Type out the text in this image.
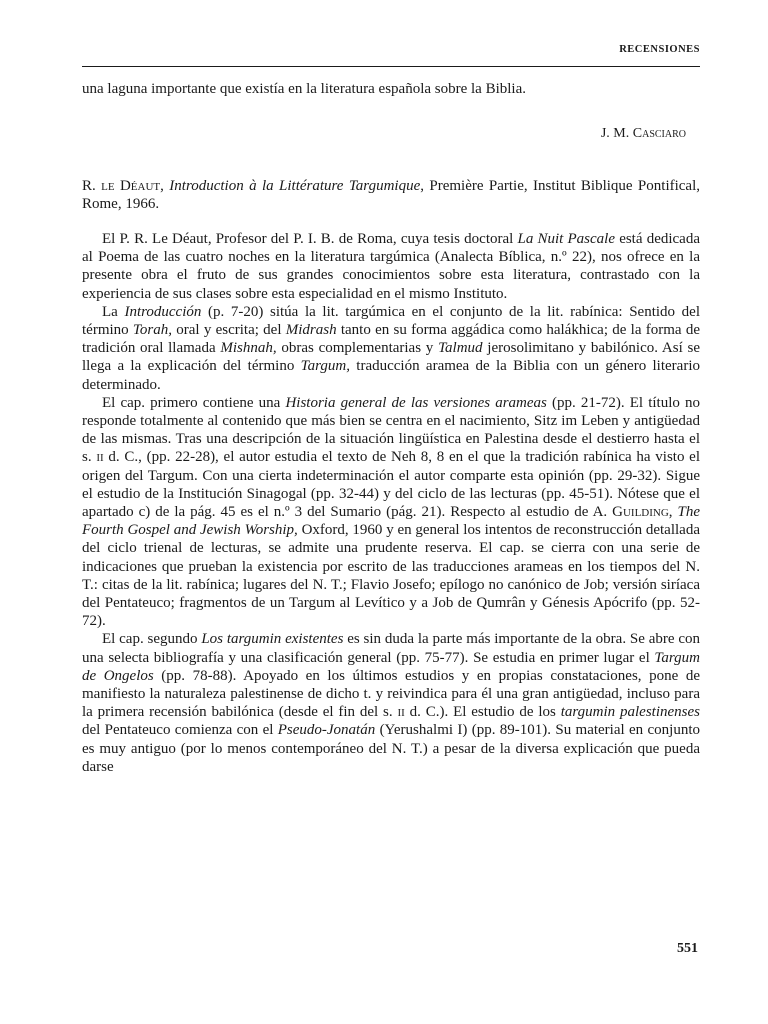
RECENSIONES

una laguna importante que existía en la literatura española sobre la Biblia.

J. M. Casciaro

R. le Déaut, Introduction à la Littérature Targumique, Première Partie, Institut Biblique Pontifical, Rome, 1966.

El P. R. Le Déaut, Profesor del P. I. B. de Roma, cuya tesis doctoral La Nuit Pascale está dedicada al Poema de las cuatro noches en la literatura targúmica (Analecta Bíblica, n.º 22), nos ofrece en la presente obra el fruto de sus grandes conocimientos sobre esta literatura, contrastado con la experiencia de sus clases sobre esta especialidad en el mismo Instituto.

La Introducción (p. 7-20) sitúa la lit. targúmica en el conjunto de la lit. rabínica: Sentido del término Torah, oral y escrita; del Midrash tanto en su forma aggádica como halákhica; de la forma de tradición oral llamada Mishnah, obras complementarias y Talmud jerosolimitano y babilónico. Así se llega a la explicación del término Targum, traducción aramea de la Biblia con un género literario determinado.

El cap. primero contiene una Historia general de las versiones arameas (pp. 21-72). El título no responde totalmente al contenido que más bien se centra en el nacimiento, Sitz im Leben y antigüedad de las mismas. Tras una descripción de la situación lingüística en Palestina desde el destierro hasta el s. ii d. C., (pp. 22-28), el autor estudia el texto de Neh 8, 8 en el que la tradición rabínica ha visto el origen del Targum. Con una cierta indeterminación el autor comparte esta opinión (pp. 29-32). Sigue el estudio de la Institución Sinagogal (pp. 32-44) y del ciclo de las lecturas (pp. 45-51). Nótese que el apartado c) de la pág. 45 es el n.º 3 del Sumario (pág. 21). Respecto al estudio de A. Guilding, The Fourth Gospel and Jewish Worship, Oxford, 1960 y en general los intentos de reconstrucción detallada del ciclo trienal de lecturas, se admite una prudente reserva. El cap. se cierra con una serie de indicaciones que prueban la existencia por escrito de las traducciones arameas en los tiempos del N. T.: citas de la lit. rabínica; lugares del N. T.; Flavio Josefo; epílogo no canónico de Job; versión siríaca del Pentateuco; fragmentos de un Targum al Levítico y a Job de Qumrân y Génesis Apócrifo (pp. 52-72).

El cap. segundo Los targumin existentes es sin duda la parte más importante de la obra. Se abre con una selecta bibliografía y una clasificación general (pp. 75-77). Se estudia en primer lugar el Targum de Ongelos (pp. 78-88). Apoyado en los últimos estudios y en propias constataciones, pone de manifiesto la naturaleza palestinense de dicho t. y reivindica para él una gran antigüedad, incluso para la primera recensión babilónica (desde el fin del s. ii d. C.). El estudio de los targumin palestinenses del Pentateuco comienza con el Pseudo-Jonatán (Yerushalmi I) (pp. 89-101). Su material en conjunto es muy antiguo (por lo menos contemporáneo del N. T.) a pesar de la diversa explicación que pueda darse

551
